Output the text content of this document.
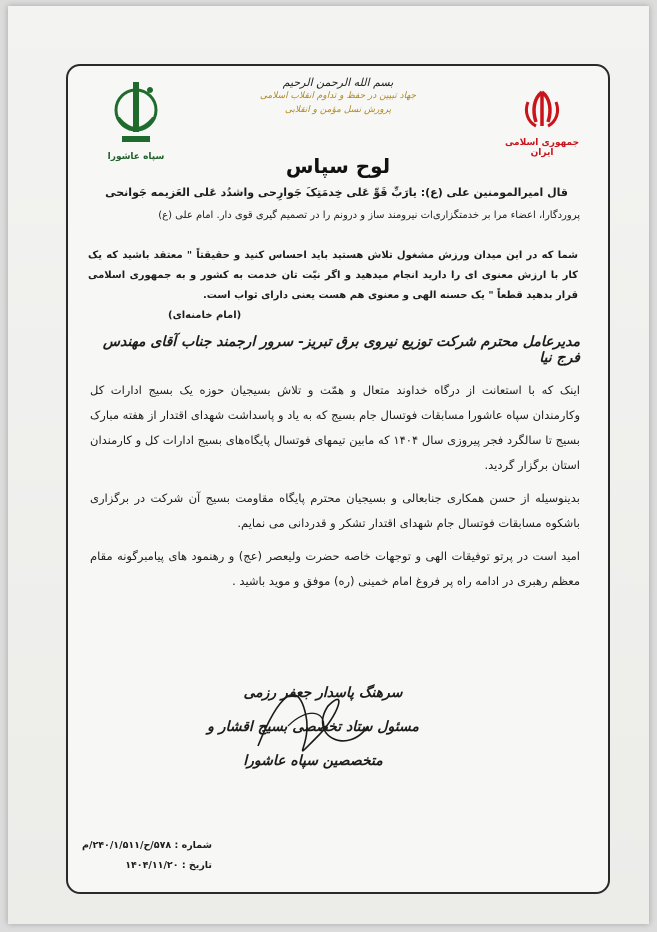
سپاه عاشورا
بسم الله الرحمن الرحیم
جهاد تبیین در حفظ و تداوم انقلاب اسلامی
پرورش نسل مؤمن و انقلابی
جمهوری اسلامی ایران
لوح سپاس
قال امیرالمومنین علی (ع): یارَبِّ قَوِّ عَلی خِدمَتِکَ جَوارِحی واشدُد عَلی العَزیمه جَوانحی
پروردگارا، اعضاء مرا بر خدمتگزاری‌ات نیرومند ساز و درونم را در تصمیم گیری قوی دار. امام علی (ع)
شما که در این میدان ورزش مشغول تلاش هستید باید احساس کنید و حقیقتاً " معتقد باشید که یک کار با ارزش معنوی ای را دارید انجام میدهید و اگر نیّت تان خدمت به کشور و به جمهوری اسلامی قرار بدهید قطعاً " یک حسنه الهی و معنوی هم هست یعنی دارای ثواب است.
(امام خامنه‌ای)
مدیرعامل محترم شرکت توزیع نیروی برق تبریز- سرور ارجمند جناب آقای مهندس فرج نیا

اینک که با استعانت از درگاه خداوند متعال و همّت و تلاش بسیجیان حوزه یک بسیج ادارات کل وکارمندان سپاه عاشورا مسابقات فوتسال جام بسیج که به یاد و پاسداشت شهدای اقتدار از هفته مبارک بسیج تا سالگرد فجر پیروزی سال ۱۴۰۴ که مابین تیمهای فوتسال پایگاه‌های بسیج ادارات کل و کارمندان استان برگزار گردید.

بدینوسیله از حسن همکاری جنابعالی و بسیجیان محترم پایگاه مقاومت بسیج آن شرکت در برگزاری باشکوه مسابقات فوتسال جام شهدای اقتدار تشکر و قدردانی می نمایم.

امید است در پرتو توفیقات الهی و توجهات خاصه حضرت ولیعصر (عج) و رهنمود های پیامبرگونه مقام معظم رهبری در ادامه راه پر فروغ امام خمینی (ره) موفق و موید باشید .

سرهنگ پاسدار جعفر رزمی
مسئول ستاد تخصصی بسیج اقشار و متخصصین سپاه عاشورا
شماره : ۵۷۸/ح/۲۴۰/۱/۵۱۱/م
تاریخ : ۱۴۰۴/۱۱/۲۰
